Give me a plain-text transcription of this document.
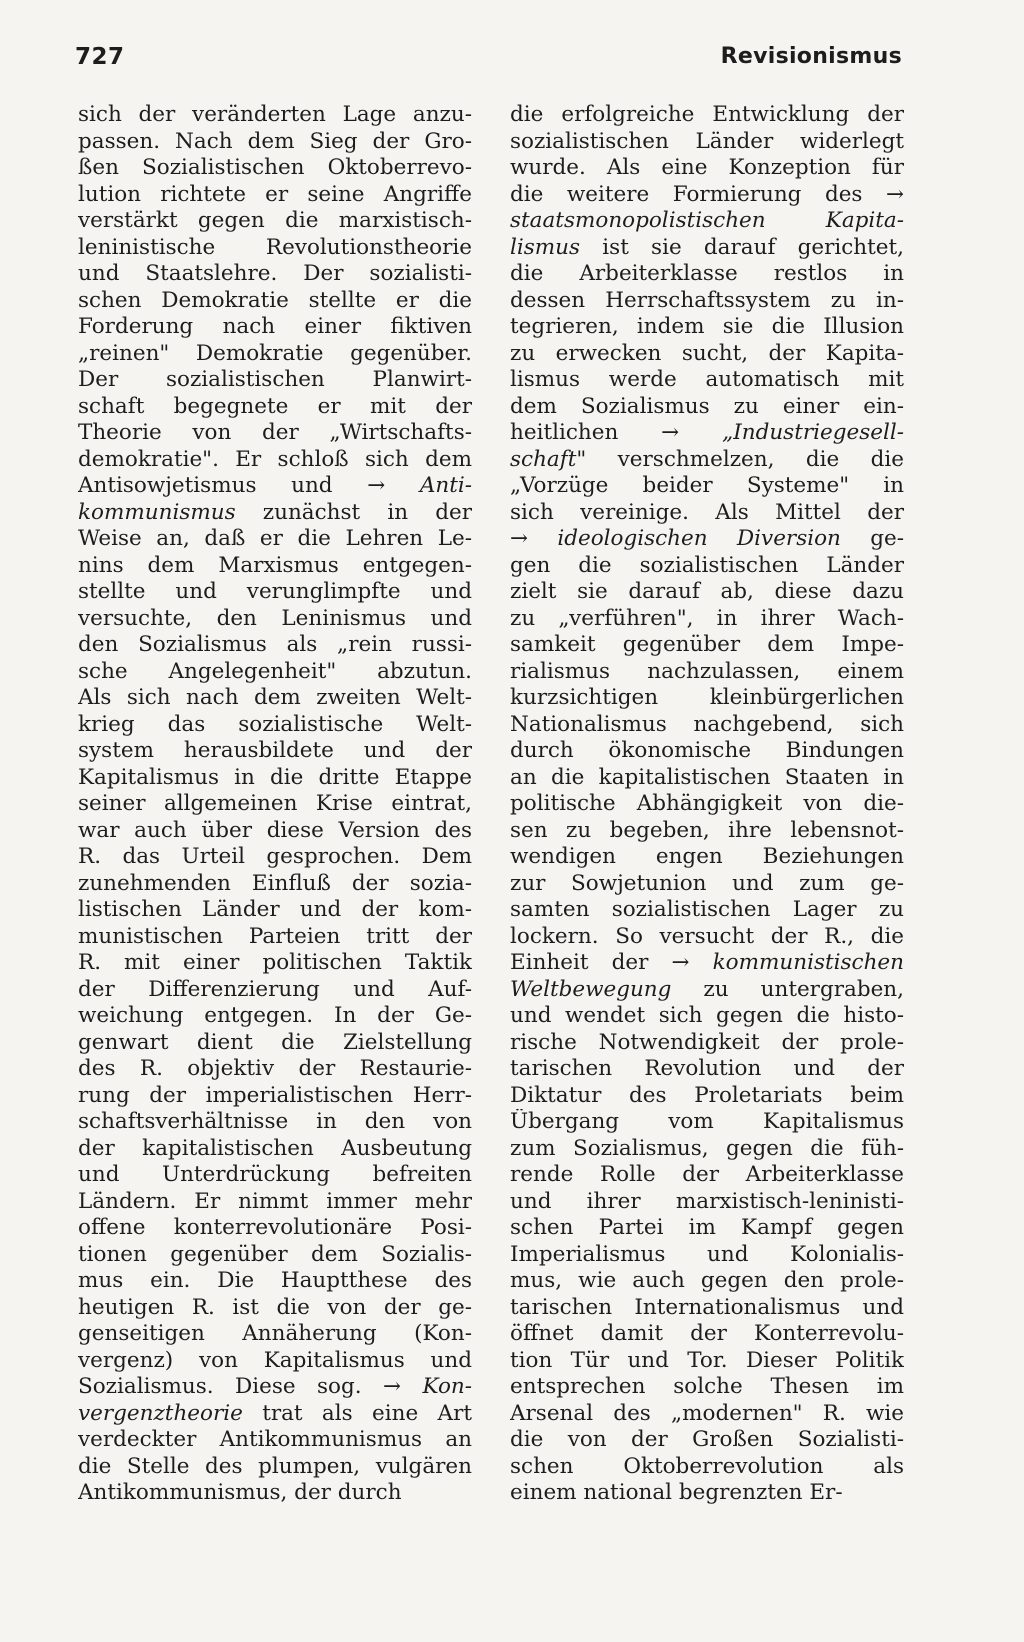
727	Revisionismus
sich der veränderten Lage anzu-
passen. Nach dem Sieg der Gro-
ßen Sozialistischen Oktoberrevo-
lution richtete er seine Angriffe
verstärkt gegen die marxistisch-
leninistische Revolutionstheorie
und Staatslehre. Der sozialisti-
schen Demokratie stellte er die
Forderung nach einer fiktiven
„reinen" Demokratie gegenüber.
Der sozialistischen Planwirt-
schaft begegnete er mit der
Theorie von der „Wirtschafts-
demokratie". Er schloß sich dem
Antisowjetismus und → Anti-
kommunismus zunächst in der
Weise an, daß er die Lehren Le-
nins dem Marxismus entgegen-
stellte und verunglimpfte und
versuchte, den Leninismus und
den Sozialismus als „rein russi-
sche Angelegenheit" abzutun.
Als sich nach dem zweiten Welt-
krieg das sozialistische Welt-
system herausbildete und der
Kapitalismus in die dritte Etappe
seiner allgemeinen Krise eintrat,
war auch über diese Version des
R. das Urteil gesprochen. Dem
zunehmenden Einfluß der sozia-
listischen Länder und der kom-
munistischen Parteien tritt der
R. mit einer politischen Taktik
der Differenzierung und Auf-
weichung entgegen. In der Ge-
genwart dient die Zielstellung
des R. objektiv der Restaurie-
rung der imperialistischen Herr-
schaftsverhältnisse in den von
der kapitalistischen Ausbeutung
und Unterdrückung befreiten
Ländern. Er nimmt immer mehr
offene konterrevolutionäre Posi-
tionen gegenüber dem Sozialis-
mus ein. Die Hauptthese des
heutigen R. ist die von der ge-
genseitigen Annäherung (Kon-
vergenz) von Kapitalismus und
Sozialismus. Diese sog. → Kon-
vergenztheorie trat als eine Art
verdeckter Antikommunismus an
die Stelle des plumpen, vulgären
Antikommunismus, der durch
die erfolgreiche Entwicklung der
sozialistischen Länder widerlegt
wurde. Als eine Konzeption für
die weitere Formierung des →
staatsmonopolistischen Kapita-
lismus ist sie darauf gerichtet,
die Arbeiterklasse restlos in
dessen Herrschaftssystem zu in-
tegrieren, indem sie die Illusion
zu erwecken sucht, der Kapita-
lismus werde automatisch mit
dem Sozialismus zu einer ein-
heitlichen → „Industriegesell-
schaft" verschmelzen, die die
„Vorzüge beider Systeme" in
sich vereinige. Als Mittel der
→ ideologischen Diversion ge-
gen die sozialistischen Länder
zielt sie darauf ab, diese dazu
zu „verführen", in ihrer Wach-
samkeit gegenüber dem Impe-
rialismus nachzulassen, einem
kurzsichtigen kleinbürgerlichen
Nationalismus nachgebend, sich
durch ökonomische Bindungen
an die kapitalistischen Staaten in
politische Abhängigkeit von die-
sen zu begeben, ihre lebensnot-
wendigen engen Beziehungen
zur Sowjetunion und zum ge-
samten sozialistischen Lager zu
lockern. So versucht der R., die
Einheit der → kommunistischen
Weltbewegung zu untergraben,
und wendet sich gegen die histo-
rische Notwendigkeit der prole-
tarischen Revolution und der
Diktatur des Proletariats beim
Übergang vom Kapitalismus
zum Sozialismus, gegen die füh-
rende Rolle der Arbeiterklasse
und ihrer marxistisch-leninisti-
schen Partei im Kampf gegen
Imperialismus und Kolonialis-
mus, wie auch gegen den prole-
tarischen Internationalismus und
öffnet damit der Konterrevolu-
tion Tür und Tor. Dieser Politik
entsprechen solche Thesen im
Arsenal des „modernen" R. wie
die von der Großen Sozialisti-
schen Oktoberrevolution als
einem national begrenzten Er-
